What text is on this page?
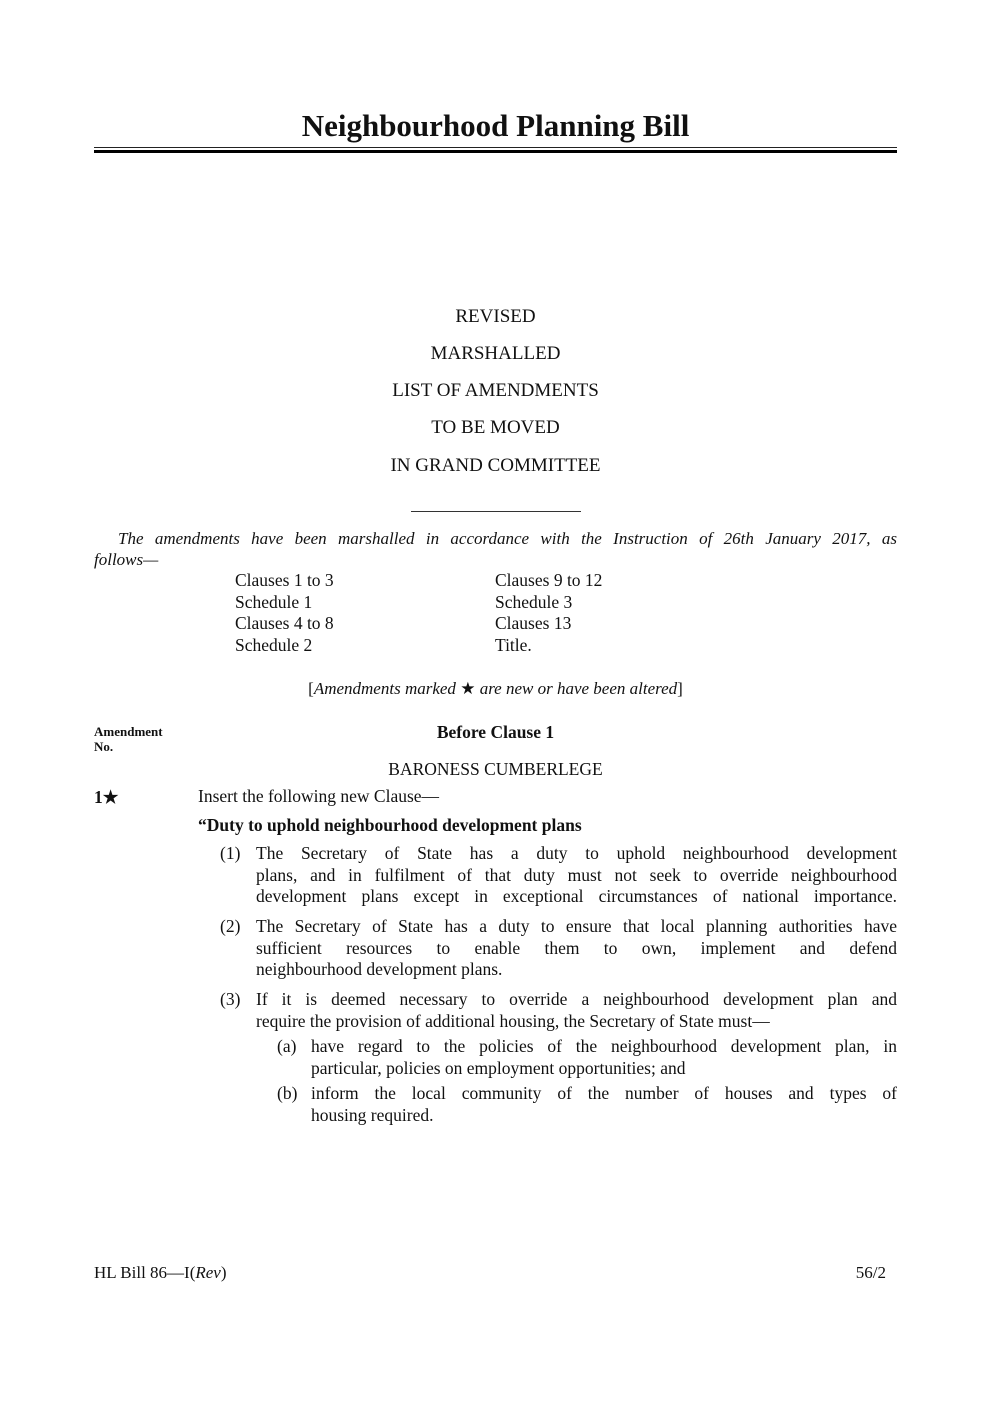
Neighbourhood Planning Bill
REVISED
MARSHALLED
LIST OF AMENDMENTS
TO BE MOVED
IN GRAND COMMITTEE
The amendments have been marshalled in accordance with the Instruction of 26th January 2017, as
follows—
Clauses 1 to 3
Schedule 1
Clauses 4 to 8
Schedule 2
Clauses 9 to 12
Schedule 3
Clauses 13
Title.
[Amendments marked ★ are new or have been altered]
Amendment
No.
Before Clause 1
BARONESS CUMBERLEGE
1★	Insert the following new Clause—
“Duty to uphold neighbourhood development plans
(1) The Secretary of State has a duty to uphold neighbourhood development
plans, and in fulfilment of that duty must not seek to override neighbourhood
development plans except in exceptional circumstances of national importance.
(2) The Secretary of State has a duty to ensure that local planning authorities have
sufficient resources to enable them to own, implement and defend
neighbourhood development plans.
(3) If it is deemed necessary to override a neighbourhood development plan and
require the provision of additional housing, the Secretary of State must—
(a) have regard to the policies of the neighbourhood development plan, in
particular, policies on employment opportunities; and
(b) inform the local community of the number of houses and types of
housing required.
HL Bill 86—I(Rev)	56/2
